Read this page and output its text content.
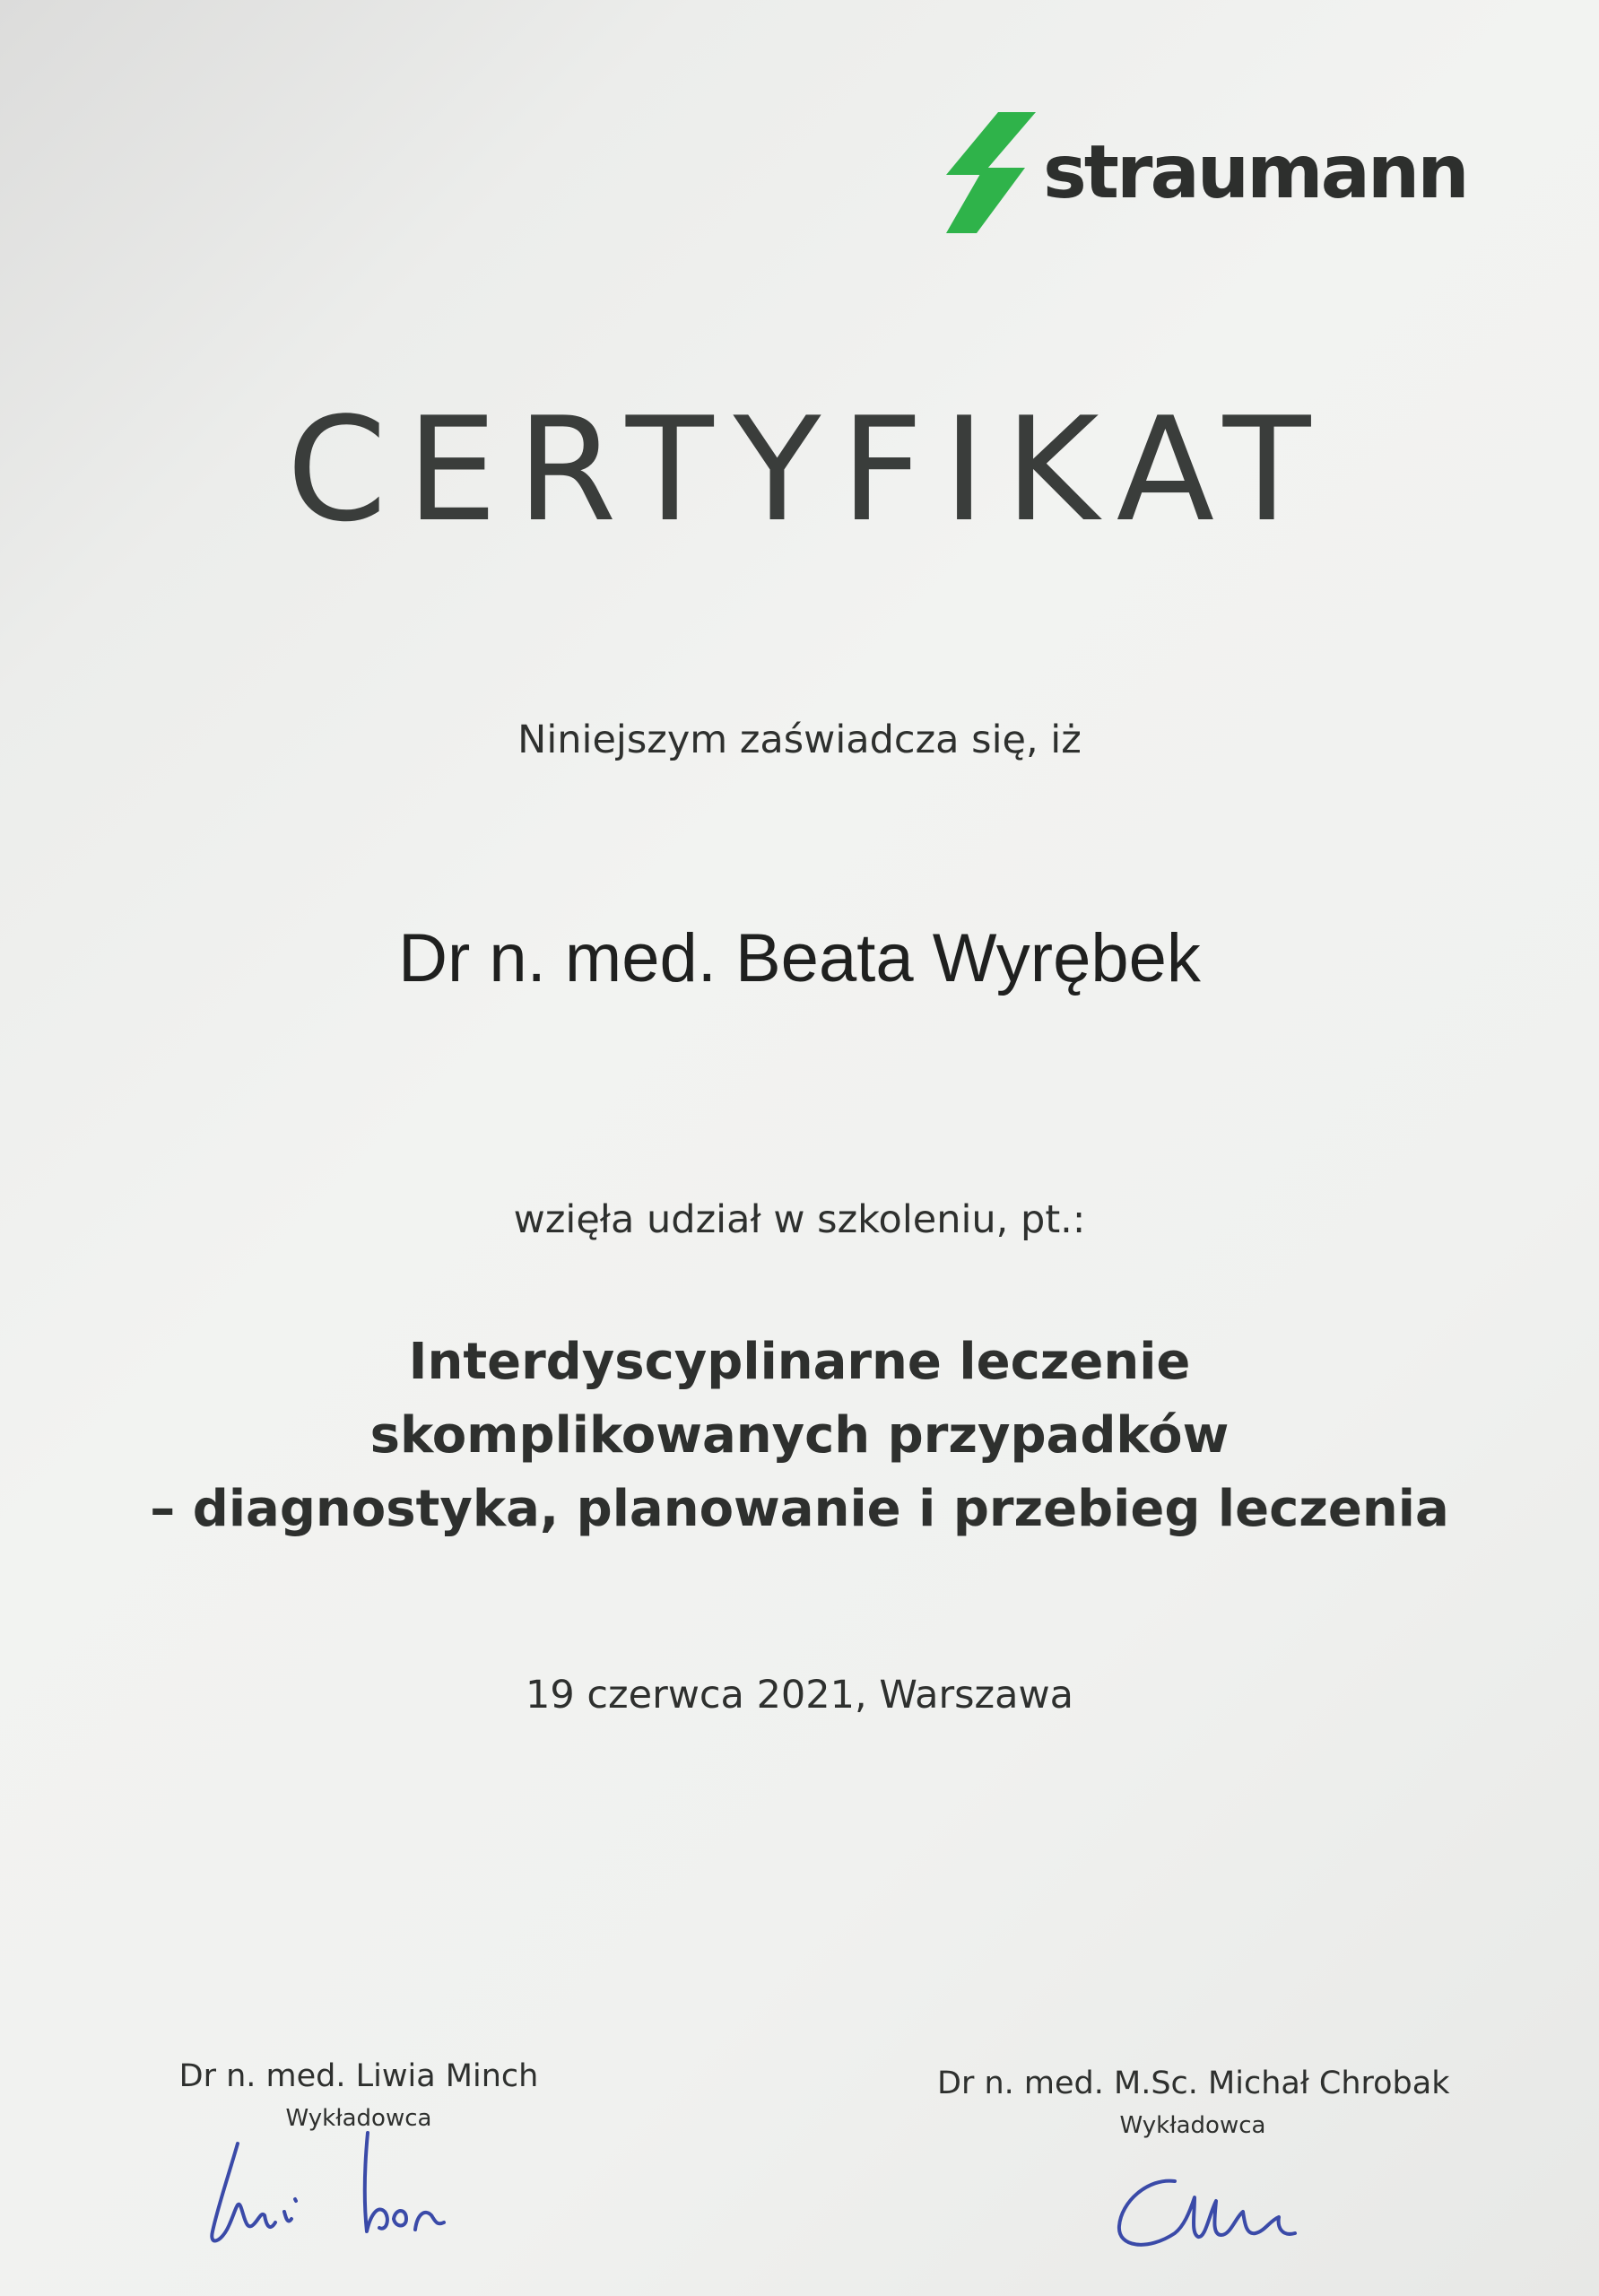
straumann
CERTYFIKAT
Niniejszym zaświadcza się, iż
Dr n. med. Beata Wyrębek
wzięła udział w szkoleniu, pt.:
Interdyscyplinarne leczenie
skomplikowanych przypadków
– diagnostyka, planowanie i przebieg leczenia
19 czerwca 2021, Warszawa
Dr n. med. Liwia Minch
Wykładowca
Dr n. med. M.Sc. Michał Chrobak
Wykładowca
